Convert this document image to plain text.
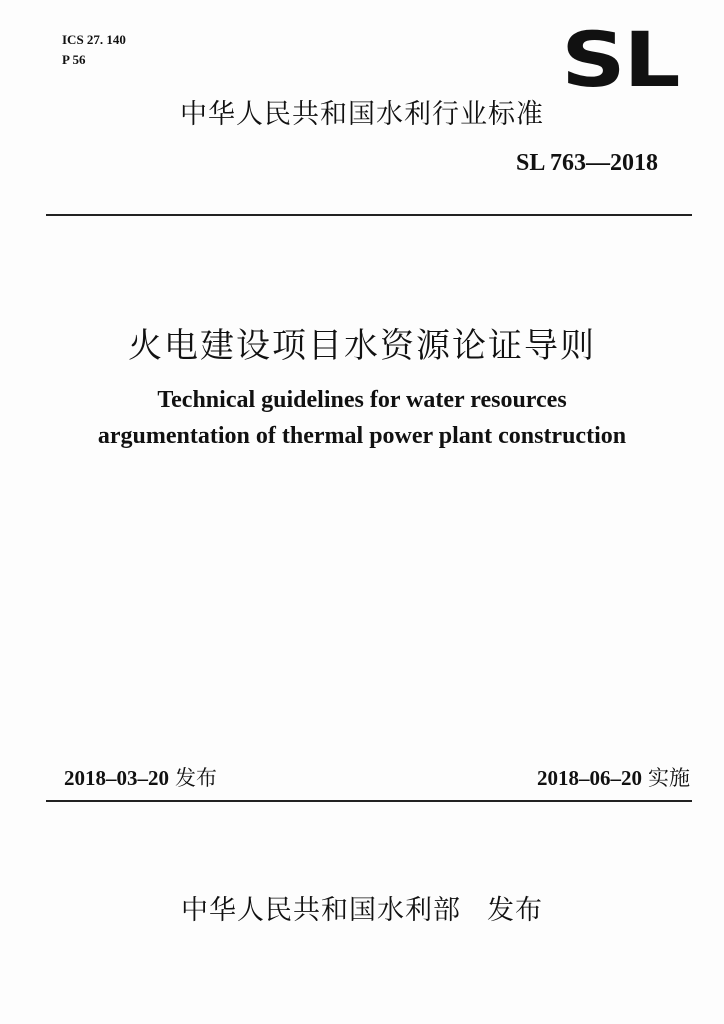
ICS 27. 140
P 56	SL
中华人民共和国水利行业标准
SL 763—2018
火电建设项目水资源论证导则
Technical guidelines for water resources
argumentation of thermal power plant construction
2018–03–20 发布	2018–06–20 实施
中华人民共和国水利部 发布
